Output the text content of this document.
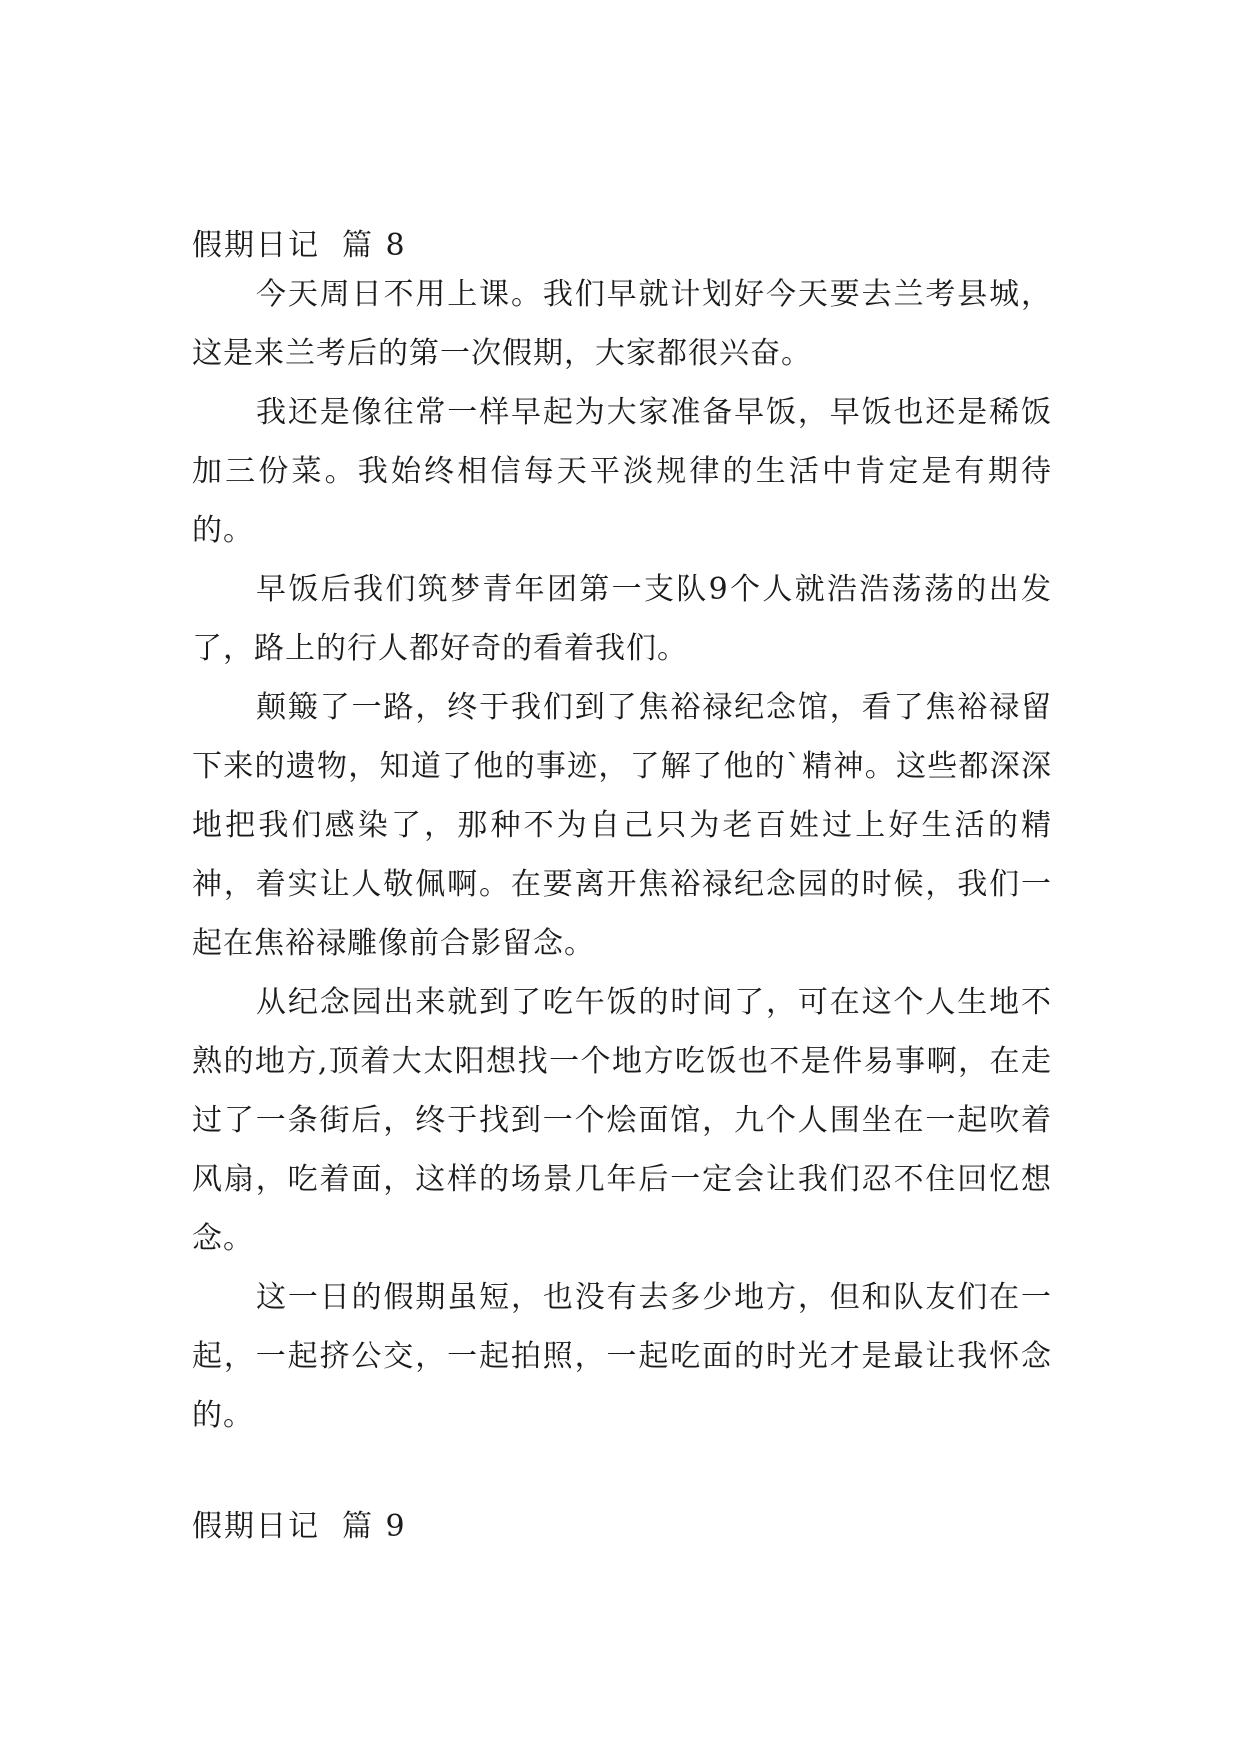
假期日记 篇 8

今天周日不用上课。我们早就计划好今天要去兰考县城，这是来兰考后的第一次假期，大家都很兴奋。

我还是像往常一样早起为大家准备早饭，早饭也还是稀饭加三份菜。我始终相信每天平淡规律的生活中肯定是有期待的。

早饭后我们筑梦青年团第一支队9个人就浩浩荡荡的出发了，路上的行人都好奇的看着我们。

颠簸了一路，终于我们到了焦裕禄纪念馆，看了焦裕禄留下来的遗物，知道了他的事迹，了解了他的`精神。这些都深深地把我们感染了，那种不为自己只为老百姓过上好生活的精神，着实让人敬佩啊。在要离开焦裕禄纪念园的时候，我们一起在焦裕禄雕像前合影留念。

从纪念园出来就到了吃午饭的时间了，可在这个人生地不熟的地方,顶着大太阳想找一个地方吃饭也不是件易事啊，在走过了一条街后，终于找到一个烩面馆，九个人围坐在一起吹着风扇，吃着面，这样的场景几年后一定会让我们忍不住回忆想念。

这一日的假期虽短，也没有去多少地方，但和队友们在一起，一起挤公交，一起拍照，一起吃面的时光才是最让我怀念的。

假期日记 篇 9
